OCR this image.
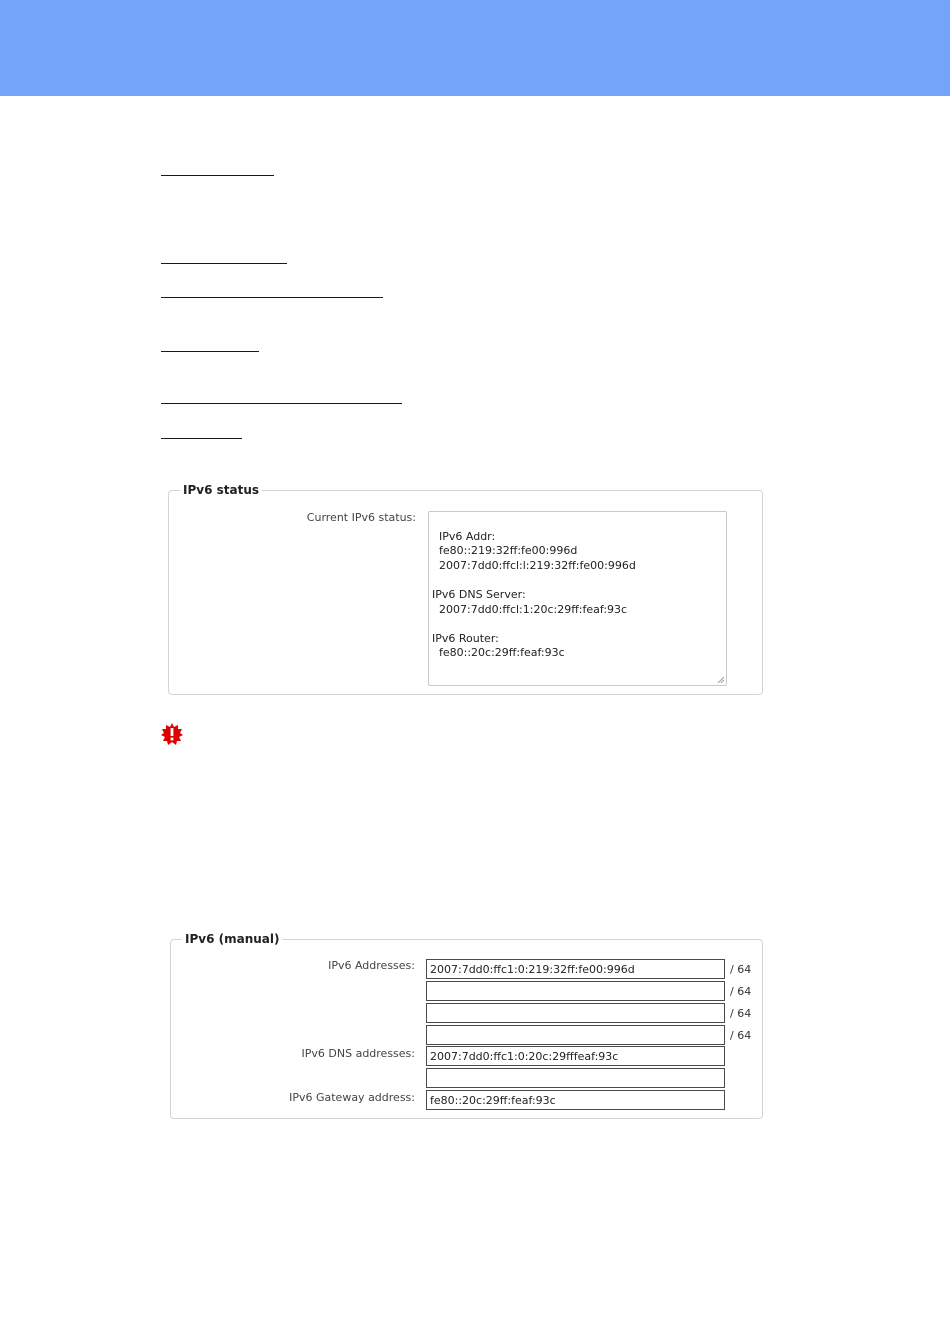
IPv6 status
Current IPv6 status:

IPv6 Addr:
fe80::219:32ff:fe00:996d
2007:7dd0:ffcl:l:219:32ff:fe00:996d

IPv6 DNS Server:
2007:7dd0:ffcl:1:20c:29ff:feaf:93c

IPv6 Router:
fe80::20c:29ff:feaf:93c

IPv6 (manual)
IPv6 Addresses:
2007:7dd0:ffc1:0:219:32ff:fe00:996d	/ 64
/ 64
/ 64
/ 64
IPv6 DNS addresses:
2007:7dd0:ffc1:0:20c:29fffeaf:93c
IPv6 Gateway address:
fe80::20c:29ff:feaf:93c
